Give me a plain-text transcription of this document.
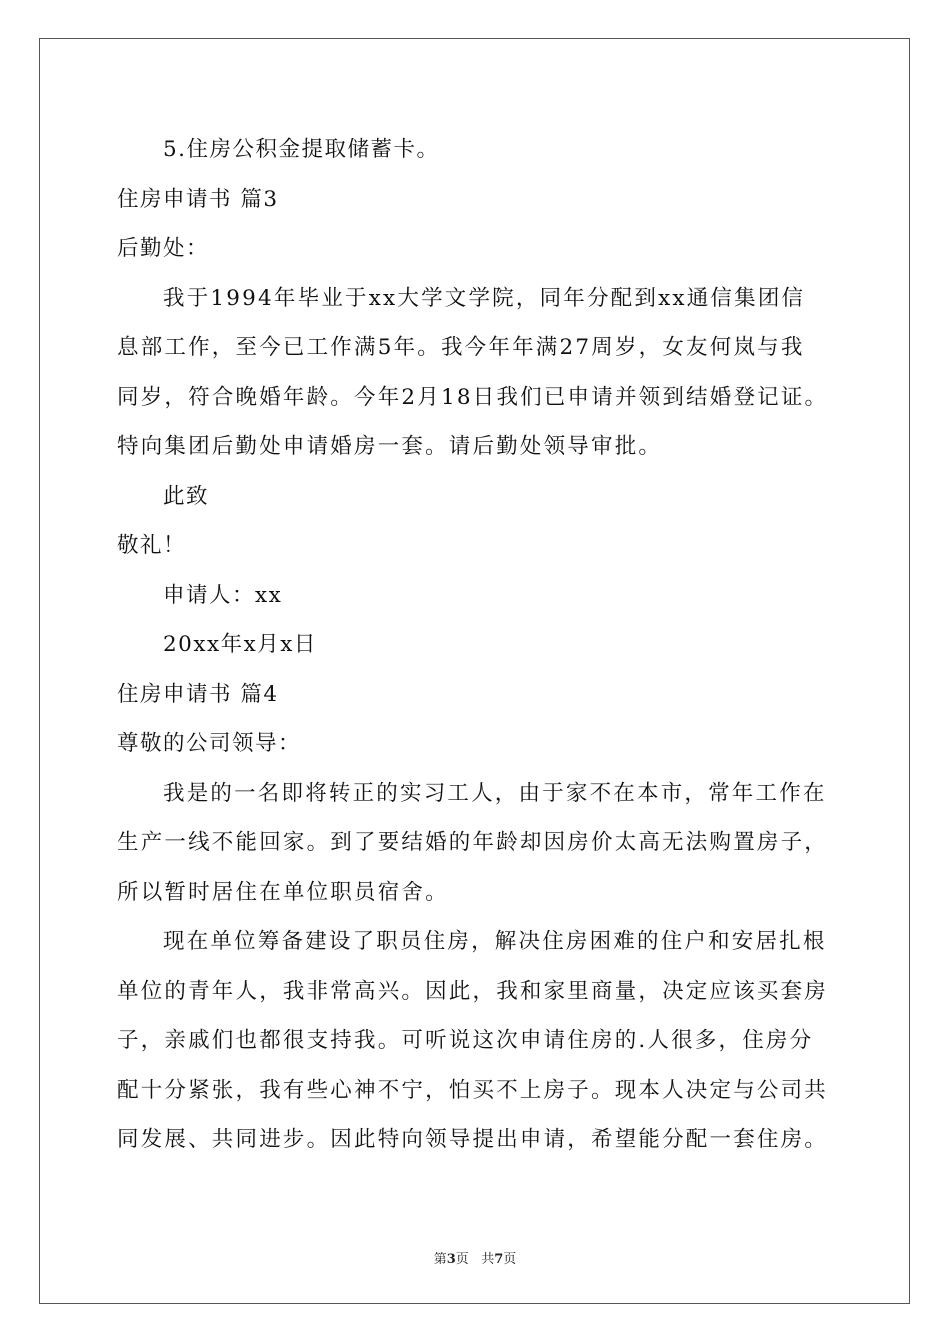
5.住房公积金提取储蓄卡。
住房申请书 篇3
后勤处：
我于1994年毕业于xx大学文学院，同年分配到xx通信集团信
息部工作，至今已工作满5年。我今年年满27周岁，女友何岚与我
同岁，符合晚婚年龄。今年2月18日我们已申请并领到结婚登记证。
特向集团后勤处申请婚房一套。请后勤处领导审批。
此致
敬礼！
申请人：xx
20xx年x月x日
住房申请书 篇4
尊敬的公司领导：
我是的一名即将转正的实习工人，由于家不在本市，常年工作在
生产一线不能回家。到了要结婚的年龄却因房价太高无法购置房子，
所以暂时居住在单位职员宿舍。
现在单位筹备建设了职员住房，解决住房困难的住户和安居扎根
单位的青年人，我非常高兴。因此，我和家里商量，决定应该买套房
子，亲戚们也都很支持我。可听说这次申请住房的.人很多，住房分
配十分紧张，我有些心神不宁，怕买不上房子。现本人决定与公司共
同发展、共同进步。因此特向领导提出申请，希望能分配一套住房。
第3页 共7页
